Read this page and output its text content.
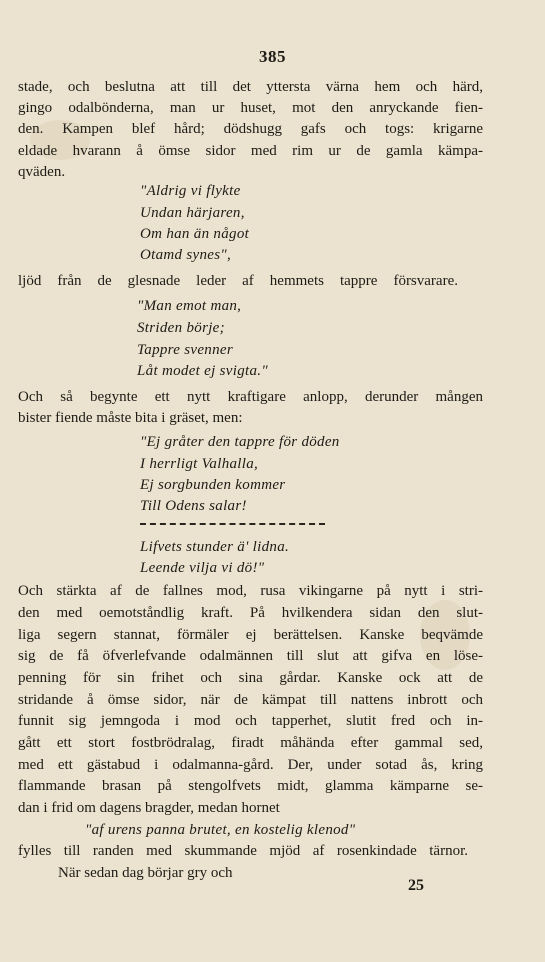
385
stade, och beslutna att till det yttersta värna hem och härd,
gingo odalbönderna, man ur huset, mot den anryckande fien-
den. Kampen blef hård; dödshugg gafs och togs: krigarne
eldade hvarann å ömse sidor med rim ur de gamla kämpa-
qväden.
"Aldrig vi flykte
Undan härjaren,
Om han än något
Otamd synes",
ljöd från de glesnade leder af hemmets tappre försvarare.
"Man emot man,
Striden börje;
Tappre svenner
Låt modet ej svigta."
Och så begynte ett nytt kraftigare anlopp, derunder mången
bister fiende måste bita i gräset, men:
"Ej gråter den tappre för döden
I herrligt Valhalla,
Ej sorgbunden kommer
Till Odens salar!
Lifvets stunder ä' lidna.
Leende vilja vi dö!"
Och stärkta af de fallnes mod, rusa vikingarne på nytt i stri-
den med oemotståndlig kraft. På hvilkendera sidan den slut-
liga segern stannat, förmäler ej berättelsen. Kanske beqvämde
sig de få öfverlefvande odalmännen till slut att gifva en löse-
penning för sin frihet och sina gårdar. Kanske ock att de
stridande å ömse sidor, när de kämpat till nattens inbrott och
funnit sig jemngoda i mod och tapperhet, slutit fred och in-
gått ett stort fostbrödralag, firadt måhända efter gammal sed,
med ett gästabud i odalmanna-gård. Der, under sotad ås, kring
flammande brasan på stengolfvets midt, glamma kämparne se-
dan i frid om dagens bragder, medan hornet
"af urens panna brutet, en kostelig klenod"
fylles till randen med skummande mjöd af rosenkindade tärnor.
När sedan dag börjar gry och
25
